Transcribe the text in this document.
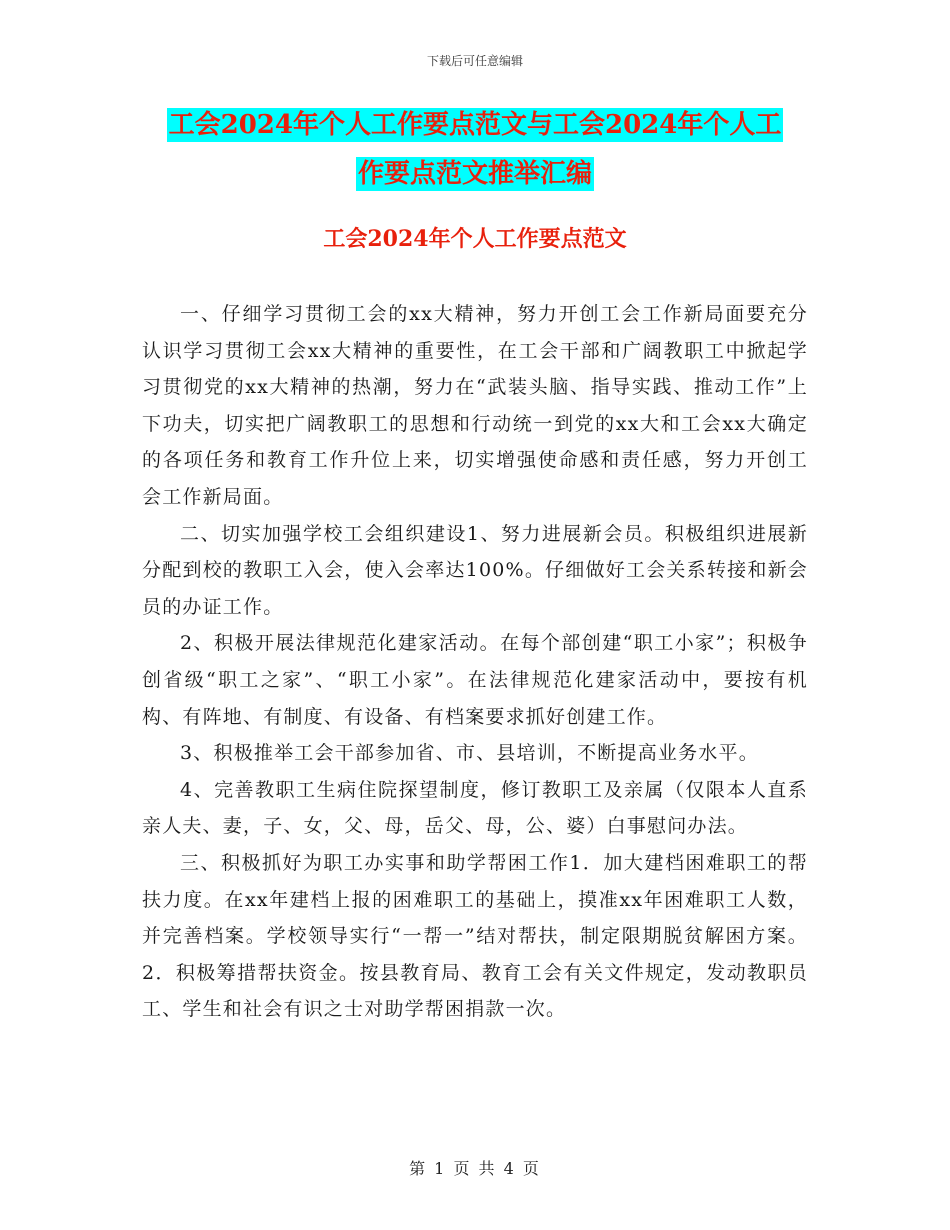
下载后可任意编辑
工会2024年个人工作要点范文与工会2024年个人工
作要点范文推举汇编
工会2024年个人工作要点范文

一、仔细学习贯彻工会的xx大精神，努力开创工会工作新局面要充分认识学习贯彻工会xx大精神的重要性，在工会干部和广阔教职工中掀起学习贯彻党的xx大精神的热潮，努力在“武装头脑、指导实践、推动工作”上下功夫，切实把广阔教职工的思想和行动统一到党的xx大和工会xx大确定的各项任务和教育工作升位上来，切实增强使命感和责任感，努力开创工会工作新局面。

二、切实加强学校工会组织建设1、努力进展新会员。积极组织进展新分配到校的教职工入会，使入会率达100%。仔细做好工会关系转接和新会员的办证工作。

2、积极开展法律规范化建家活动。在每个部创建“职工小家”；积极争创省级“职工之家”、“职工小家”。在法律规范化建家活动中，要按有机构、有阵地、有制度、有设备、有档案要求抓好创建工作。

3、积极推举工会干部参加省、市、县培训，不断提高业务水平。

4、完善教职工生病住院探望制度，修订教职工及亲属（仅限本人直系亲人夫、妻，子、女，父、母，岳父、母，公、婆）白事慰问办法。

三、积极抓好为职工办实事和助学帮困工作1．加大建档困难职工的帮扶力度。在xx年建档上报的困难职工的基础上，摸准xx年困难职工人数，并完善档案。学校领导实行“一帮一”结对帮扶，制定限期脱贫解困方案。2．积极筹措帮扶资金。按县教育局、教育工会有关文件规定，发动教职员工、学生和社会有识之士对助学帮困捐款一次。

第 1 页 共 4 页
